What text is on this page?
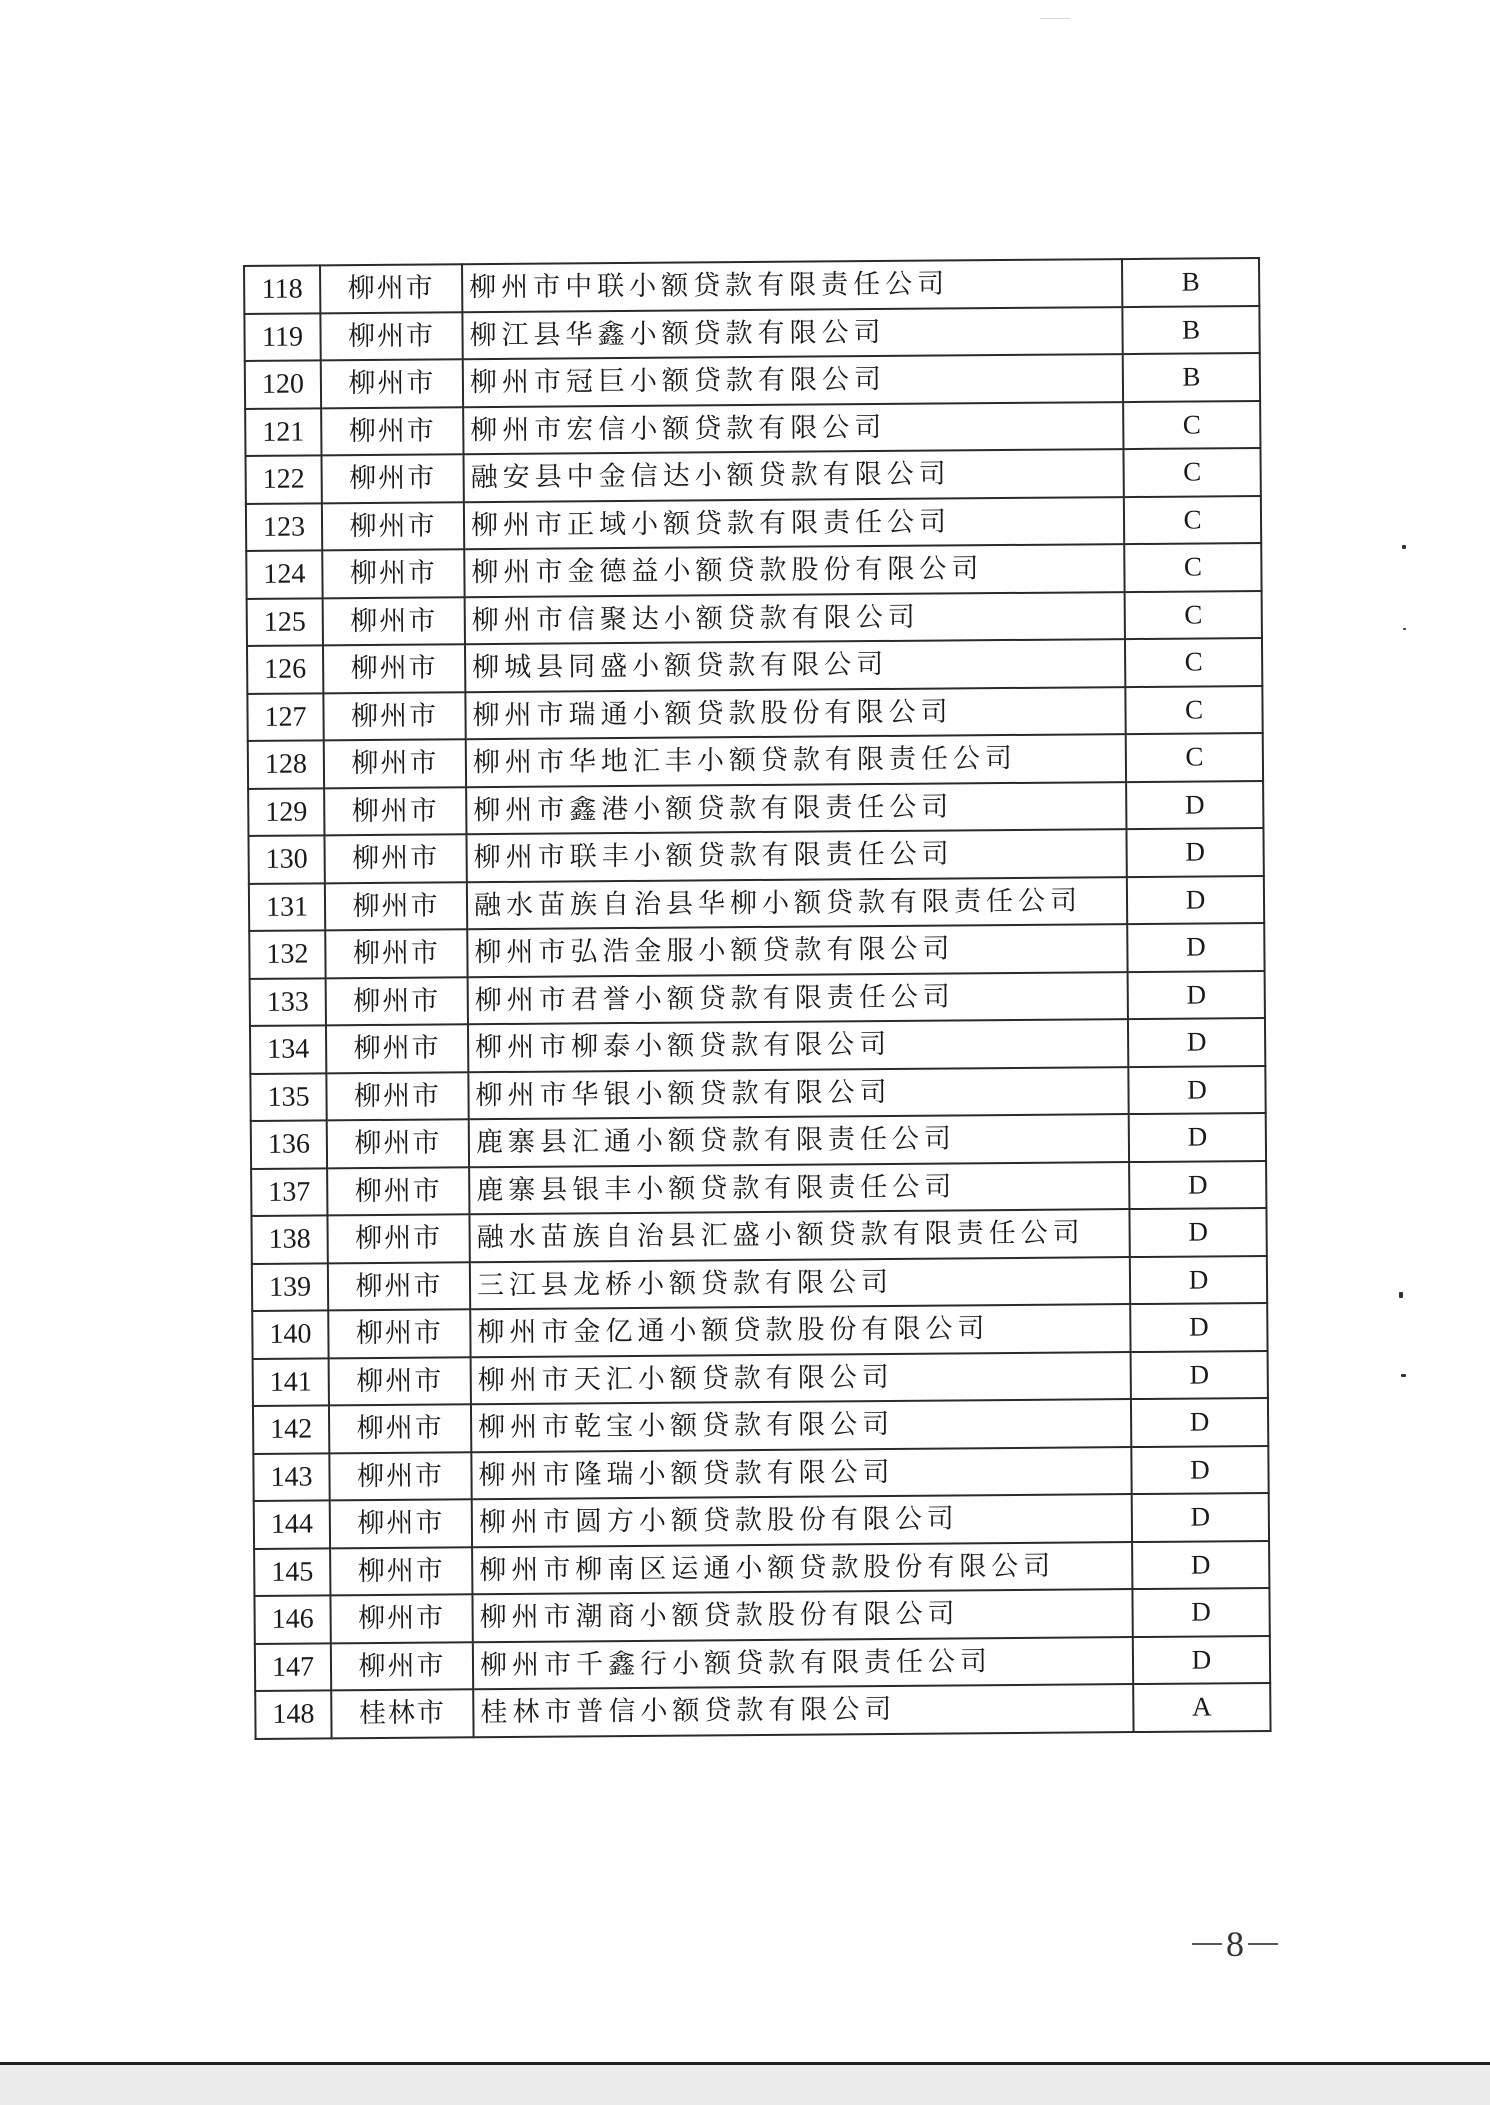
118	柳州市	柳州市中联小额贷款有限责任公司	B
119	柳州市	柳江县华鑫小额贷款有限公司	B
120	柳州市	柳州市冠巨小额贷款有限公司	B
121	柳州市	柳州市宏信小额贷款有限公司	C
122	柳州市	融安县中金信达小额贷款有限公司	C
123	柳州市	柳州市正域小额贷款有限责任公司	C
124	柳州市	柳州市金德益小额贷款股份有限公司	C
125	柳州市	柳州市信聚达小额贷款有限公司	C
126	柳州市	柳城县同盛小额贷款有限公司	C
127	柳州市	柳州市瑞通小额贷款股份有限公司	C
128	柳州市	柳州市华地汇丰小额贷款有限责任公司	C
129	柳州市	柳州市鑫港小额贷款有限责任公司	D
130	柳州市	柳州市联丰小额贷款有限责任公司	D
131	柳州市	融水苗族自治县华柳小额贷款有限责任公司	D
132	柳州市	柳州市弘浩金服小额贷款有限公司	D
133	柳州市	柳州市君誉小额贷款有限责任公司	D
134	柳州市	柳州市柳泰小额贷款有限公司	D
135	柳州市	柳州市华银小额贷款有限公司	D
136	柳州市	鹿寨县汇通小额贷款有限责任公司	D
137	柳州市	鹿寨县银丰小额贷款有限责任公司	D
138	柳州市	融水苗族自治县汇盛小额贷款有限责任公司	D
139	柳州市	三江县龙桥小额贷款有限公司	D
140	柳州市	柳州市金亿通小额贷款股份有限公司	D
141	柳州市	柳州市天汇小额贷款有限公司	D
142	柳州市	柳州市乾宝小额贷款有限公司	D
143	柳州市	柳州市隆瑞小额贷款有限公司	D
144	柳州市	柳州市圆方小额贷款股份有限公司	D
145	柳州市	柳州市柳南区运通小额贷款股份有限公司	D
146	柳州市	柳州市潮商小额贷款股份有限公司	D
147	柳州市	柳州市千鑫行小额贷款有限责任公司	D
148	桂林市	桂林市普信小额贷款有限公司	A
8
